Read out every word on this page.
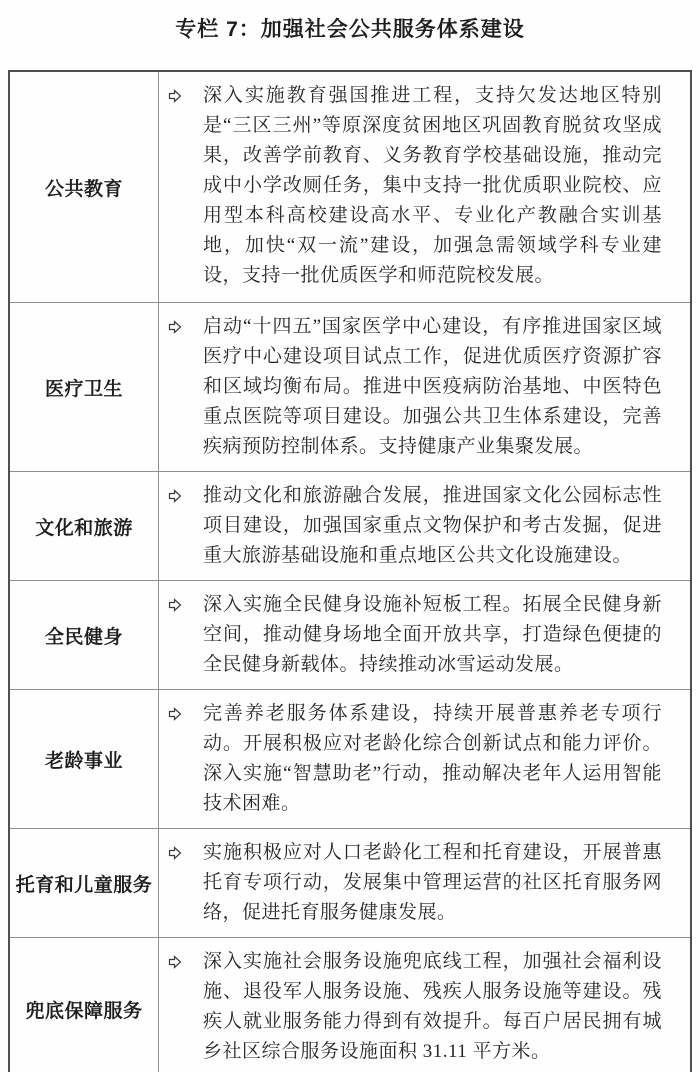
专栏 7：加强社会公共服务体系建设
公共教育

深入实施教育强国推进工程，支持欠发达地区特别是“三区三州”等原深度贫困地区巩固教育脱贫攻坚成果，改善学前教育、义务教育学校基础设施，推动完成中小学改厕任务，集中支持一批优质职业院校、应用型本科高校建设高水平、专业化产教融合实训基地，加快“双一流”建设，加强急需领域学科专业建设，支持一批优质医学和师范院校发展。

医疗卫生

启动“十四五”国家医学中心建设，有序推进国家区域医疗中心建设项目试点工作，促进优质医疗资源扩容和区域均衡布局。推进中医疫病防治基地、中医特色重点医院等项目建设。加强公共卫生体系建设，完善疾病预防控制体系。支持健康产业集聚发展。

文化和旅游

推动文化和旅游融合发展，推进国家文化公园标志性项目建设，加强国家重点文物保护和考古发掘，促进重大旅游基础设施和重点地区公共文化设施建设。

全民健身

深入实施全民健身设施补短板工程。拓展全民健身新空间，推动健身场地全面开放共享，打造绿色便捷的全民健身新载体。持续推动冰雪运动发展。

老龄事业

完善养老服务体系建设，持续开展普惠养老专项行动。开展积极应对老龄化综合创新试点和能力评价。深入实施“智慧助老”行动，推动解决老年人运用智能技术困难。

托育和儿童服务

实施积极应对人口老龄化工程和托育建设，开展普惠托育专项行动，发展集中管理运营的社区托育服务网络，促进托育服务健康发展。

兜底保障服务

深入实施社会服务设施兜底线工程，加强社会福利设施、退役军人服务设施、残疾人服务设施等建设。残疾人就业服务能力得到有效提升。每百户居民拥有城乡社区综合服务设施面积 31.11 平方米。
